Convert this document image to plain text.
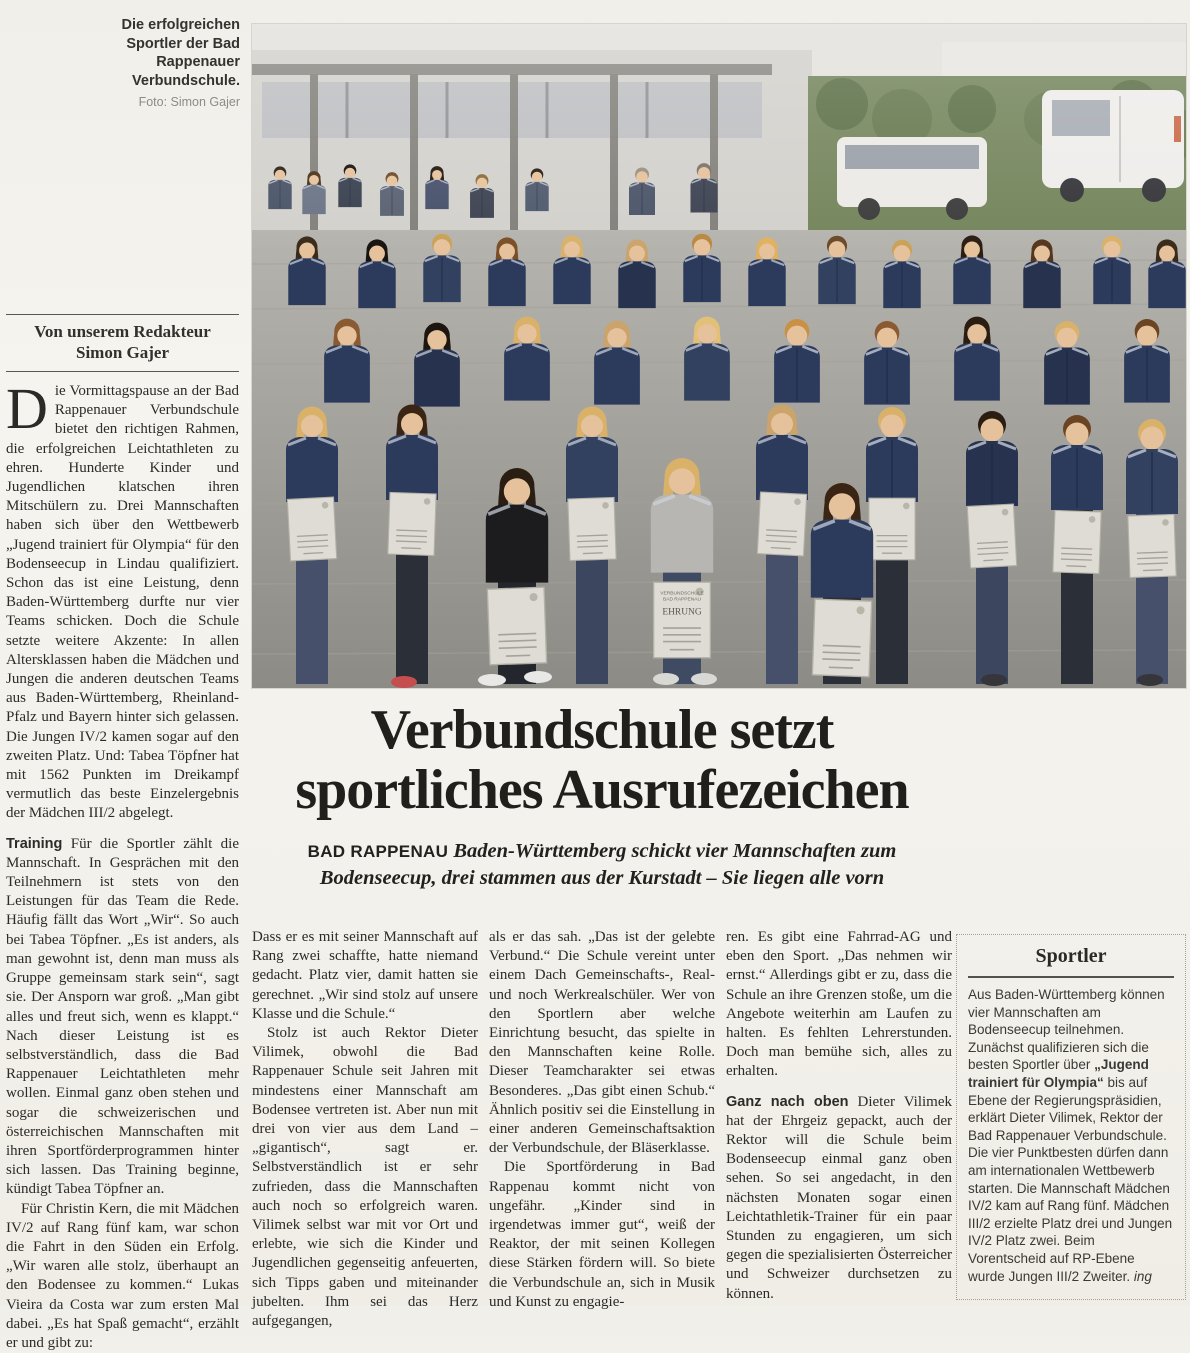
Die erfolgreichen Sportler der Bad Rappenauer Verbundschule.
Foto: Simon Gajer
VERBUNDSCHULE
BAD RAPPENAU
EHRUNG
Von unserem Redakteur
Simon Gajer

Die Vormittagspause an der Bad Rappenauer Verbundschule bietet den richtigen Rahmen, die erfolgreichen Leichtathleten zu ehren. Hunderte Kinder und Jugendlichen klatschen ihren Mitschülern zu. Drei Mannschaften haben sich über den Wettbewerb „Jugend trainiert für Olympia“ für den Bodenseecup in Lindau qualifiziert. Schon das ist eine Leistung, denn Baden-Württemberg durfte nur vier Teams schicken. Doch die Schule setzte weitere Akzente: In allen Altersklassen haben die Mädchen und Jungen die anderen deutschen Teams aus Baden-Württemberg, Rheinland-Pfalz und Bayern hinter sich gelassen. Die Jungen IV/2 kamen sogar auf den zweiten Platz. Und: Tabea Töpfner hat mit 1562 Punkten im Dreikampf vermutlich das beste Einzelergebnis der Mädchen III/2 abgelegt.

Training Für die Sportler zählt die Mannschaft. In Gesprächen mit den Teilnehmern ist stets von den Leistungen für das Team die Rede. Häufig fällt das Wort „Wir“. So auch bei Tabea Töpfner. „Es ist anders, als man gewohnt ist, denn man muss als Gruppe gemeinsam stark sein“, sagt sie. Der Ansporn war groß. „Man gibt alles und freut sich, wenn es klappt.“ Nach dieser Leistung ist es selbstverständlich, dass die Bad Rappenauer Leichtathleten mehr wollen. Einmal ganz oben stehen und sogar die schweizerischen und österreichischen Mannschaften mit ihren Sportförderprogrammen hinter sich lassen. Das Training beginne, kündigt Tabea Töpfner an.

Für Christin Kern, die mit Mädchen IV/2 auf Rang fünf kam, war schon die Fahrt in den Süden ein Erfolg. „Wir waren alle stolz, überhaupt an den Bodensee zu kommen.“ Lukas Vieira da Costa war zum ersten Mal dabei. „Es hat Spaß gemacht“, erzählt er und gibt zu:

Verbundschule setzt
sportliches Ausrufezeichen
BAD RAPPENAU Baden-Württemberg schickt vier Mannschaften zum Bodenseecup, drei stammen aus der Kurstadt – Sie liegen alle vorn

Dass er es mit seiner Mannschaft auf Rang zwei schaffte, hatte niemand gedacht. Platz vier, damit hatten sie gerechnet. „Wir sind stolz auf unsere Klasse und die Schule.“

Stolz ist auch Rektor Dieter Vilimek, obwohl die Bad Rappenauer Schule seit Jahren mit mindestens einer Mannschaft am Bodensee vertreten ist. Aber nun mit drei von vier aus dem Land – „gigantisch“, sagt er. Selbstverständlich ist er sehr zufrieden, dass die Mannschaften auch noch so erfolgreich waren. Vilimek selbst war mit vor Ort und erlebte, wie sich die Kinder und Jugendlichen gegenseitig anfeuerten, sich Tipps gaben und miteinander jubelten. Ihm sei das Herz aufgegangen,

als er das sah. „Das ist der gelebte Verbund.“ Die Schule vereint unter einem Dach Gemeinschafts-, Real- und noch Werkrealschüler. Wer von den Sportlern aber welche Einrichtung besucht, das spielte in den Mannschaften keine Rolle. Dieser Teamcharakter sei etwas Besonderes. „Das gibt einen Schub.“ Ähnlich positiv sei die Einstellung in einer anderen Gemeinschaftsaktion der Verbundschule, der Bläserklasse.

Die Sportförderung in Bad Rappenau kommt nicht von ungefähr. „Kinder sind in irgendetwas immer gut“, weiß der Reaktor, der mit seinen Kollegen diese Stärken fördern will. So biete die Verbundschule an, sich in Musik und Kunst zu engagie-

ren. Es gibt eine Fahrrad-AG und eben den Sport. „Das nehmen wir ernst.“ Allerdings gibt er zu, dass die Schule an ihre Grenzen stoße, um die Angebote weiterhin am Laufen zu halten. Es fehlten Lehrerstunden. Doch man bemühe sich, alles zu erhalten.

Ganz nach oben Dieter Vilimek hat der Ehrgeiz gepackt, auch der Rektor will die Schule beim Bodenseecup einmal ganz oben sehen. So sei angedacht, in den nächsten Monaten sogar einen Leichtathletik-Trainer für ein paar Stunden zu engagieren, um sich gegen die spezialisierten Österreicher und Schweizer durchsetzen zu können.

Sportler
Aus Baden-Württemberg können vier Mannschaften am Bodenseecup teilnehmen. Zunächst qualifizieren sich die besten Sportler über „Jugend trainiert für Olympia“ bis auf Ebene der Regierungspräsidien, erklärt Dieter Vilimek, Rektor der Bad Rappenauer Verbundschule. Die vier Punktbesten dürfen dann am internationalen Wettbewerb starten. Die Mannschaft Mädchen IV/2 kam auf Rang fünf. Mädchen III/2 erzielte Platz drei und Jungen IV/2 Platz zwei. Beim Vorentscheid auf RP-Ebene wurde Jungen III/2 Zweiter. ing
